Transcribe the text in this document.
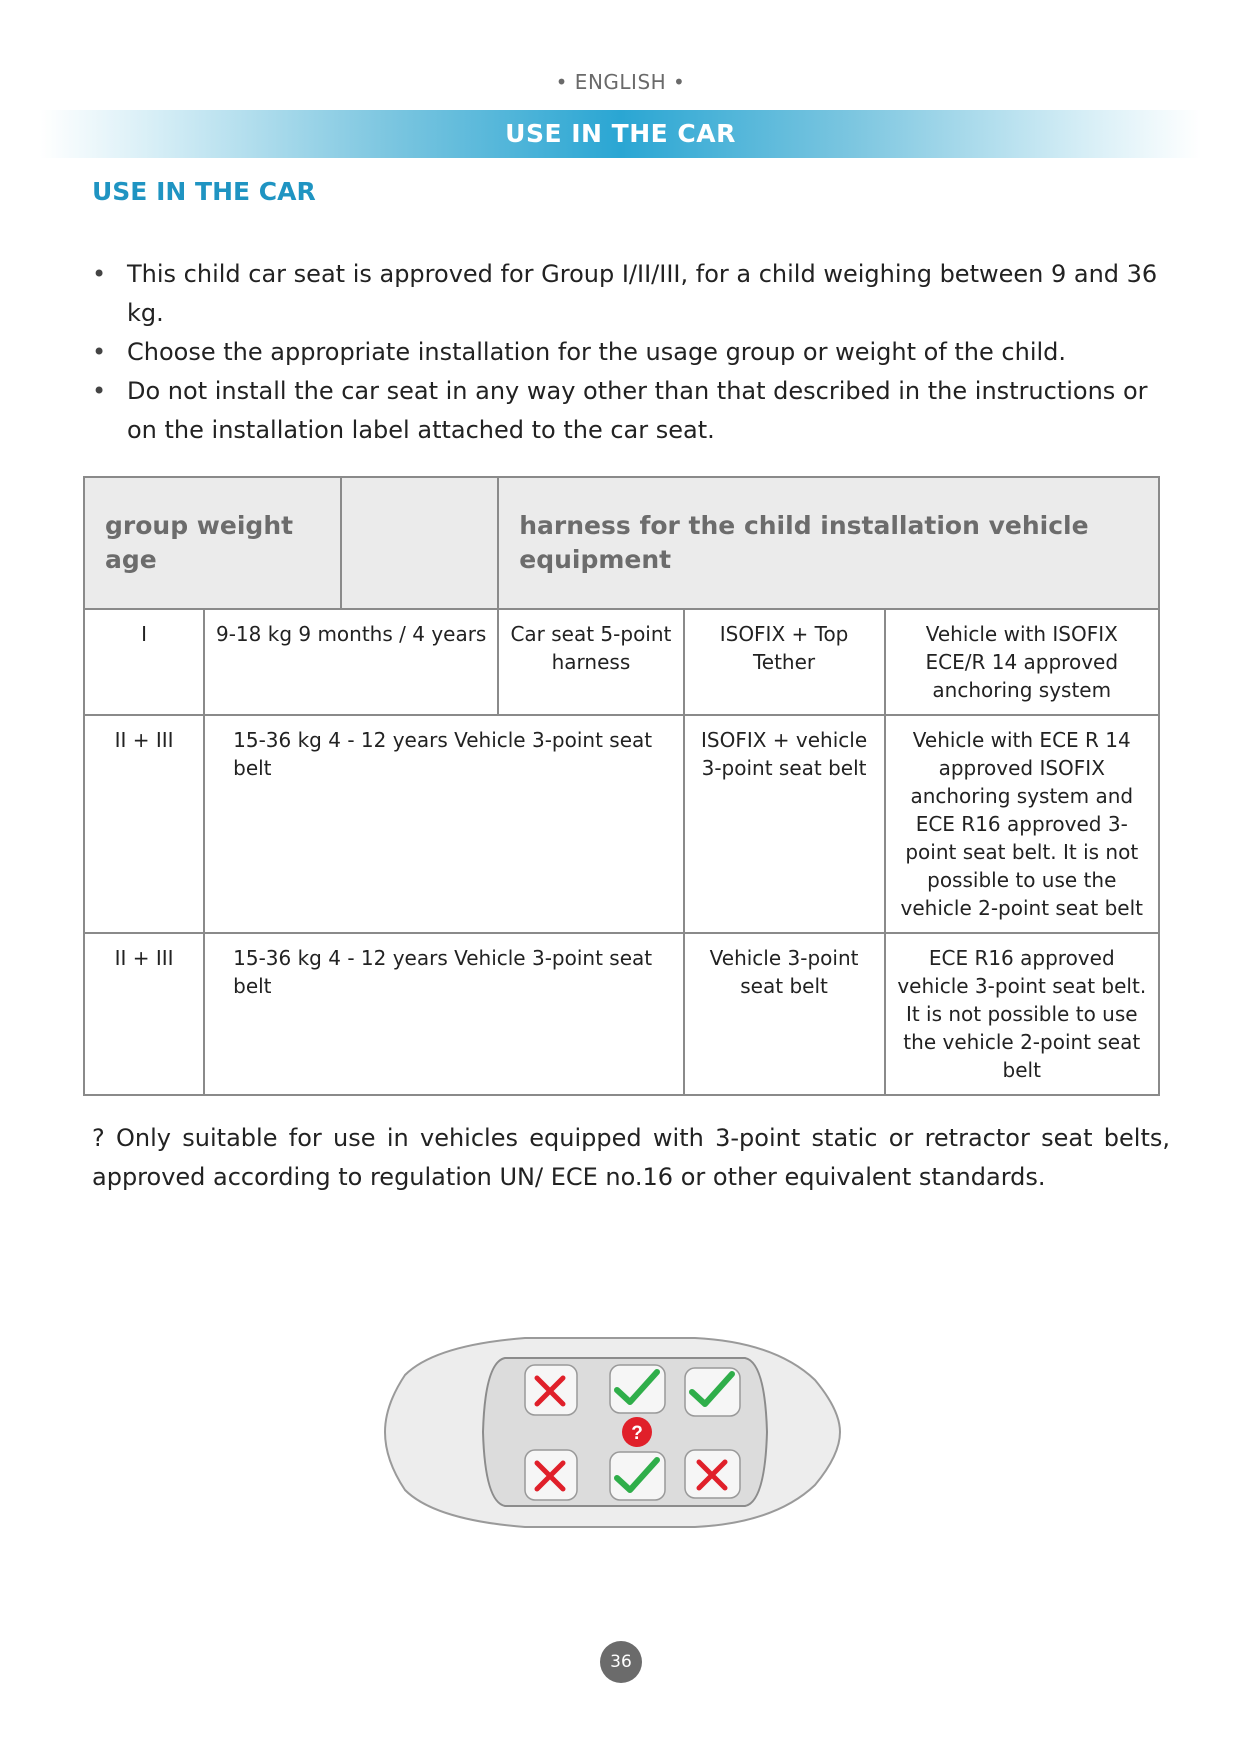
• ENGLISH •
USE IN THE CAR
USE IN THE CAR
• This child car seat is approved for Group I/II/III, for a child weighing between 9 and 36 kg.
• Choose the appropriate installation for the usage group or weight of the child.
• Do not install the car seat in any way other than that described in the instructions or on the installation label attached to the car seat.
group weight age			harness for the child installation vehicle equipment		
I	9-18 kg 9 months / 4 years		Car seat 5-point harness	ISOFIX + Top Tether	Vehicle with ISOFIX ECE/R 14 approved anchoring system
II + III	15-36 kg 4 - 12 years Vehicle 3-point seat belt			ISOFIX + vehicle 3-point seat belt	Vehicle with ECE R 14 approved ISOFIX anchoring system and ECE R16 approved 3-point seat belt. It is not possible to use the vehicle 2-point seat belt
II + III	15-36 kg 4 - 12 years Vehicle 3-point seat belt			Vehicle 3-point seat belt	ECE R16 approved vehicle 3-point seat belt. It is not possible to use the vehicle 2-point seat belt
? Only suitable for use in vehicles equipped with 3-point static or retractor seat belts, approved according to regulation UN/ ECE no.16 or other equivalent standards.
?
36
